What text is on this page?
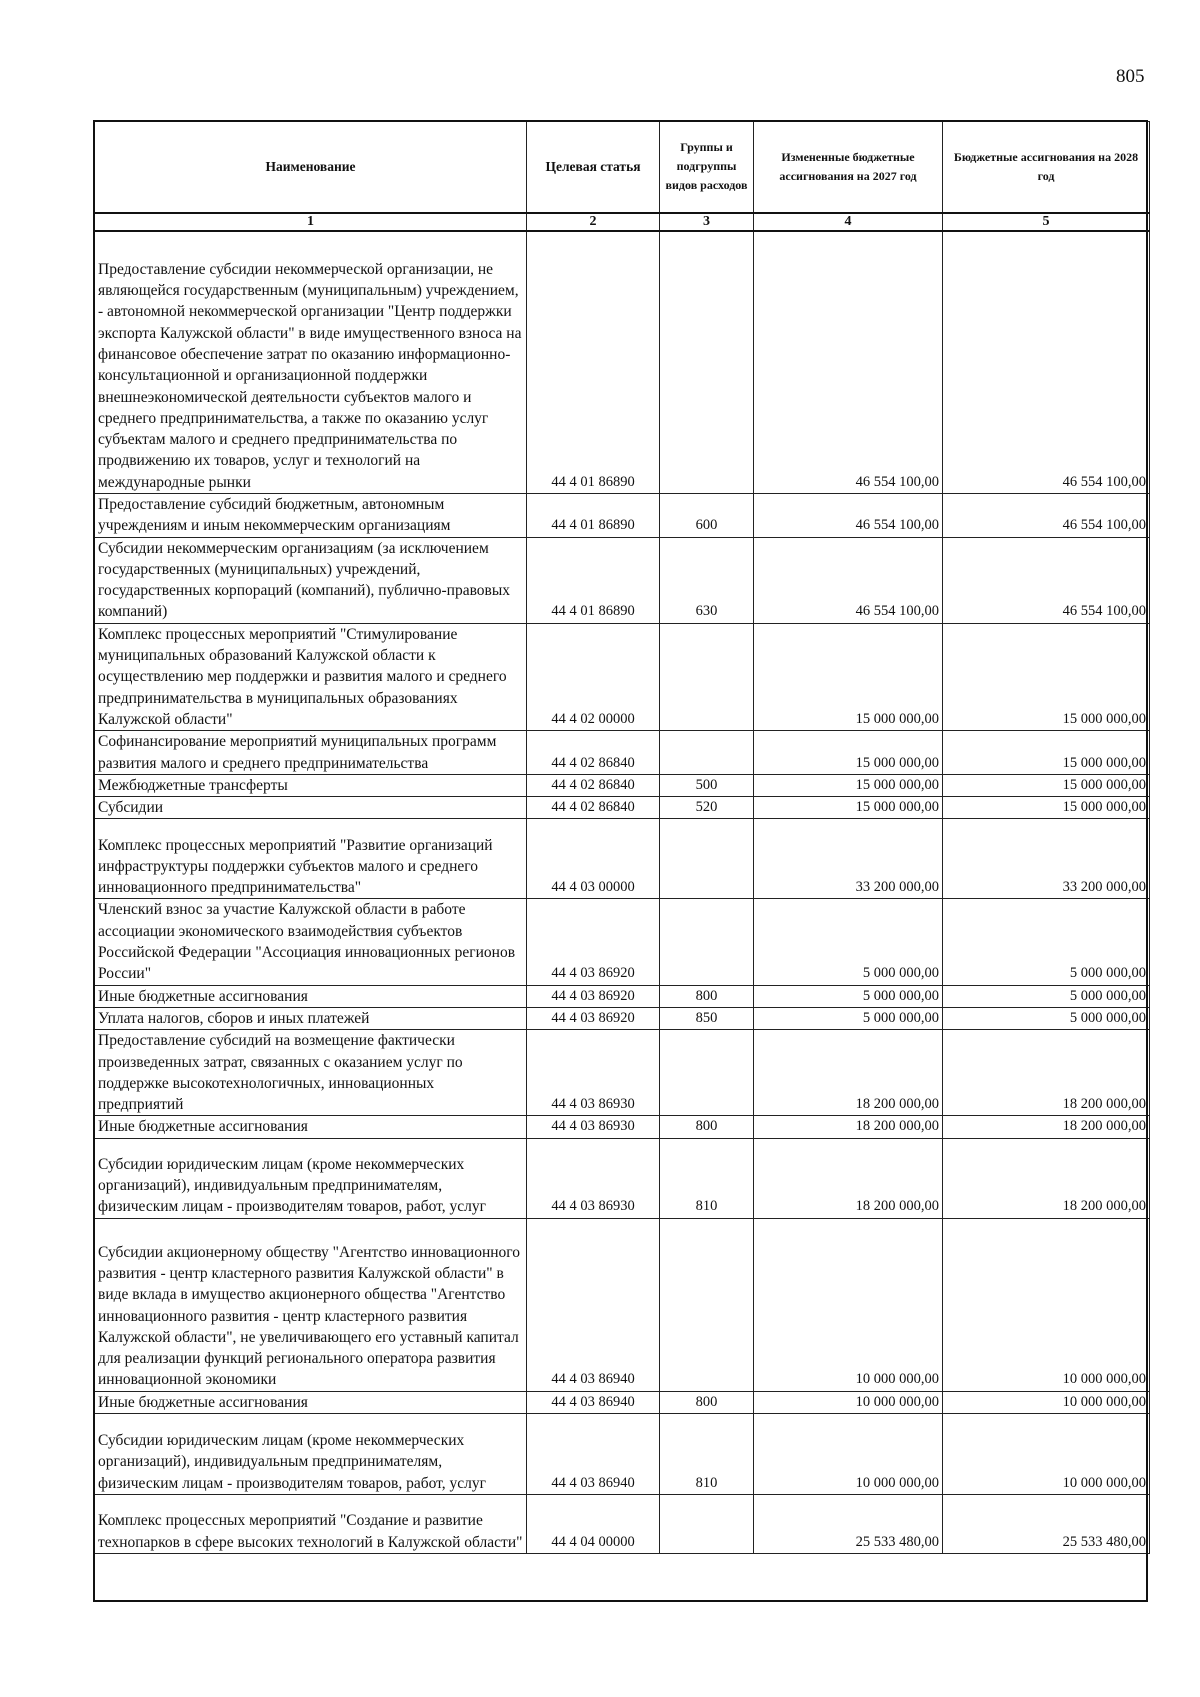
805
Наименование	Целевая статья	Группы и подгруппы видов расходов	Измененные бюджетные ассигнования на 2027 год	Бюджетные ассигнования на 2028 год
1	2	3	4	5
Предоставление субсидии некоммерческой организации, не являющейся государственным (муниципальным) учреждением, - автономной некоммерческой организации "Центр поддержки экспорта Калужской области" в виде имущественного взноса на финансовое обеспечение затрат по оказанию информационно-консультационной и организационной поддержки внешнеэкономической деятельности субъектов малого и среднего предпринимательства, а также по оказанию услуг субъектам малого и среднего предпринимательства по продвижению их товаров, услуг и технологий на международные рынки	44 4 01 86890		46 554 100,00	46 554 100,00
Предоставление субсидий бюджетным, автономным учреждениям и иным некоммерческим организациям	44 4 01 86890	600	46 554 100,00	46 554 100,00
Субсидии некоммерческим организациям (за исключением государственных (муниципальных) учреждений, государственных корпораций (компаний), публично-правовых компаний)	44 4 01 86890	630	46 554 100,00	46 554 100,00
Комплекс процессных мероприятий "Стимулирование муниципальных образований Калужской области к осуществлению мер поддержки и развития малого и среднего предпринимательства в муниципальных образованиях Калужской области"	44 4 02 00000		15 000 000,00	15 000 000,00
Софинансирование мероприятий муниципальных программ развития малого и среднего предпринимательства	44 4 02 86840		15 000 000,00	15 000 000,00
Межбюджетные трансферты	44 4 02 86840	500	15 000 000,00	15 000 000,00
Субсидии	44 4 02 86840	520	15 000 000,00	15 000 000,00
Комплекс процессных мероприятий "Развитие организаций инфраструктуры поддержки субъектов малого и среднего инновационного предпринимательства"	44 4 03 00000		33 200 000,00	33 200 000,00
Членский взнос за участие Калужской области в работе ассоциации экономического взаимодействия субъектов Российской Федерации "Ассоциация инновационных регионов России"	44 4 03 86920		5 000 000,00	5 000 000,00
Иные бюджетные ассигнования	44 4 03 86920	800	5 000 000,00	5 000 000,00
Уплата налогов, сборов и иных платежей	44 4 03 86920	850	5 000 000,00	5 000 000,00
Предоставление субсидий на возмещение фактически произведенных затрат, связанных с оказанием услуг по поддержке высокотехнологичных, инновационных предприятий	44 4 03 86930		18 200 000,00	18 200 000,00
Иные бюджетные ассигнования	44 4 03 86930	800	18 200 000,00	18 200 000,00
Субсидии юридическим лицам (кроме некоммерческих организаций), индивидуальным предпринимателям, физическим лицам - производителям товаров, работ, услуг	44 4 03 86930	810	18 200 000,00	18 200 000,00
Субсидии акционерному обществу "Агентство инновационного развития - центр кластерного развития Калужской области" в виде вклада в имущество акционерного общества "Агентство инновационного развития - центр кластерного развития Калужской области", не увеличивающего его уставный капитал для реализации функций регионального оператора развития инновационной экономики	44 4 03 86940		10 000 000,00	10 000 000,00
Иные бюджетные ассигнования	44 4 03 86940	800	10 000 000,00	10 000 000,00
Субсидии юридическим лицам (кроме некоммерческих организаций), индивидуальным предпринимателям, физическим лицам - производителям товаров, работ, услуг	44 4 03 86940	810	10 000 000,00	10 000 000,00
Комплекс процессных мероприятий "Создание и развитие технопарков в сфере высоких технологий в Калужской области"	44 4 04 00000		25 533 480,00	25 533 480,00
